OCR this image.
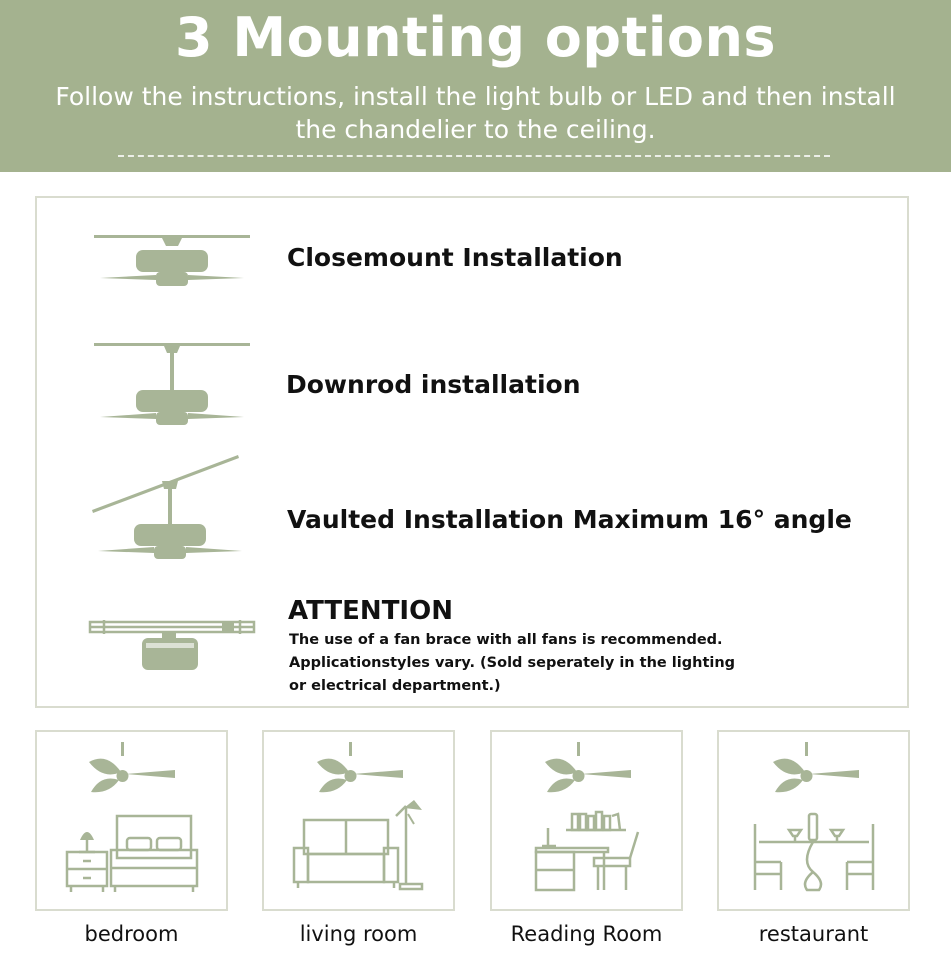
3 Mounting options
Follow the instructions, install the light bulb or LED and then install
the chandelier to the ceiling.
Closemount Installation
Downrod installation
Vaulted Installation Maximum 16° angle
ATTENTION
The use of a fan brace with all fans is recommended.
Applicationstyles vary. (Sold seperately in the lighting
or electrical department.)
bedroom	living room	Reading Room	restaurant
